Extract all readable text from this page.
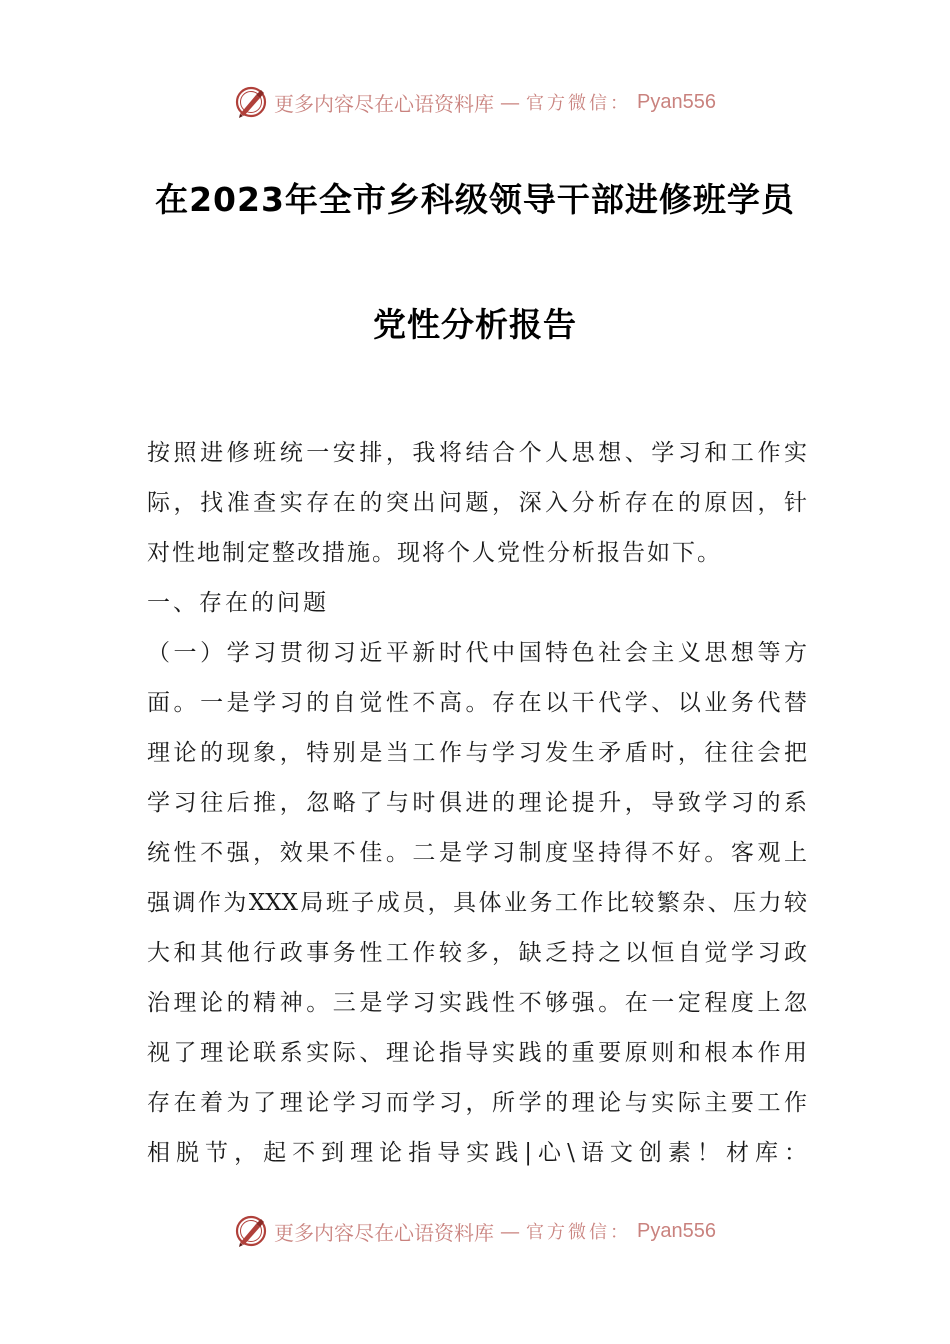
更多内容尽在心语资料库 — 官方微信： Pyan556
在2023年全市乡科级领导干部进修班学员
党性分析报告
按照进修班统一安排，我将结合个人思想、学习和工作实
际，找准查实存在的突出问题，深入分析存在的原因，针
对性地制定整改措施。现将个人党性分析报告如下。
一、存在的问题
（一）学习贯彻习近平新时代中国特色社会主义思想等方
面。一是学习的自觉性不高。存在以干代学、以业务代替
理论的现象，特别是当工作与学习发生矛盾时，往往会把
学习往后推，忽略了与时俱进的理论提升，导致学习的系
统性不强，效果不佳。二是学习制度坚持得不好。客观上
强调作为XXX局班子成员，具体业务工作比较繁杂、压力较
大和其他行政事务性工作较多，缺乏持之以恒自觉学习政
治理论的精神。三是学习实践性不够强。在一定程度上忽
视了理论联系实际、理论指导实践的重要原则和根本作用
存在着为了理论学习而学习，所学的理论与实际主要工作
相脱节，起不到理论指导实践|心\语文创素！材库：
更多内容尽在心语资料库 — 官方微信： Pyan556
